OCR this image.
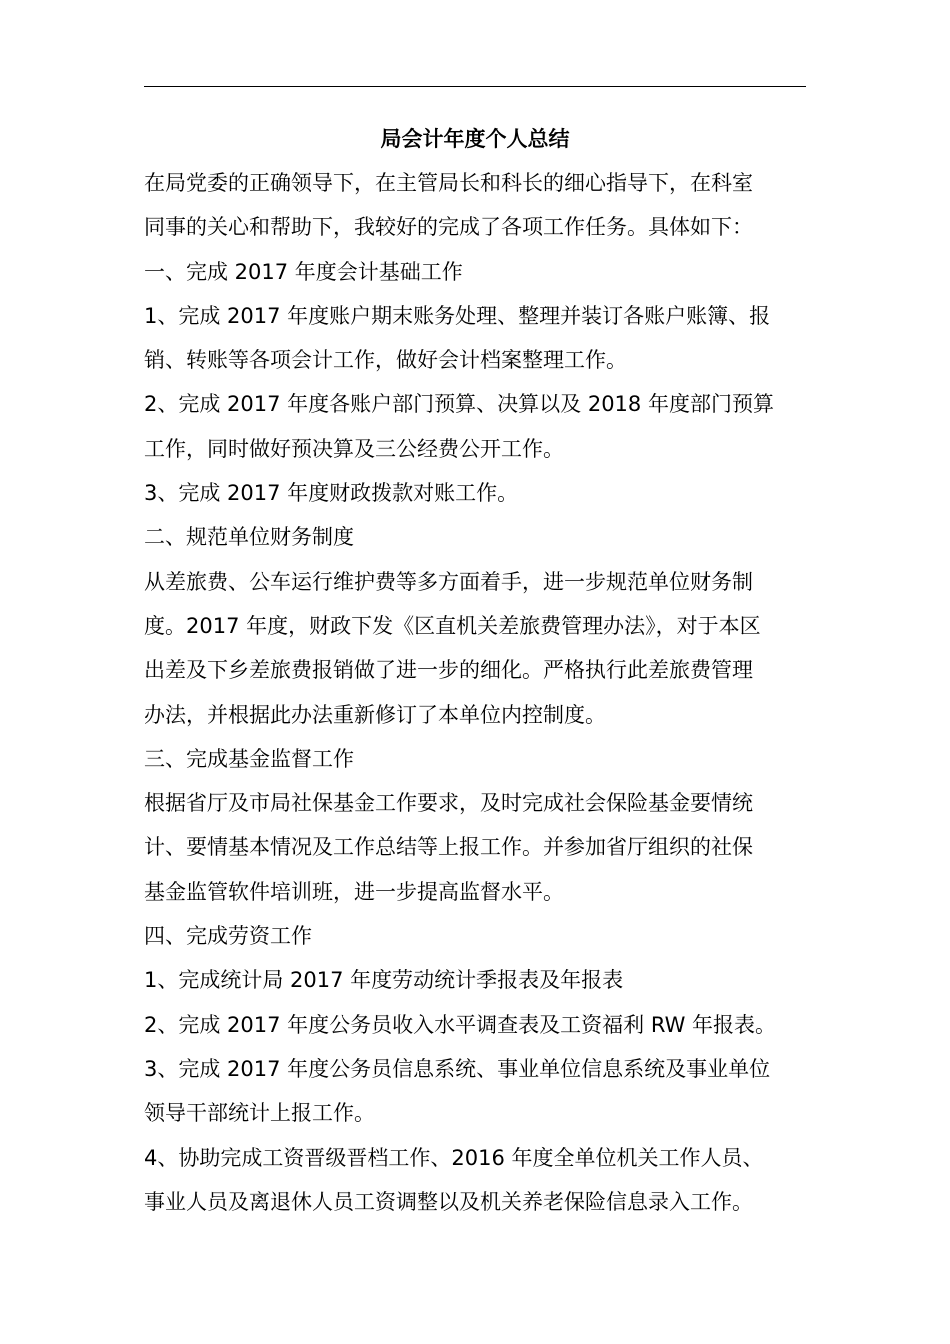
局会计年度个人总结

在局党委的正确领导下，在主管局长和科长的细心指导下，在科室

同事的关心和帮助下，我较好的完成了各项工作任务。具体如下：

一、完成 2017 年度会计基础工作

1、完成 2017 年度账户期末账务处理、整理并装订各账户账簿、报

销、转账等各项会计工作，做好会计档案整理工作。

2、完成 2017 年度各账户部门预算、决算以及 2018 年度部门预算

工作，同时做好预决算及三公经费公开工作。

3、完成 2017 年度财政拨款对账工作。

二、规范单位财务制度

从差旅费、公车运行维护费等多方面着手，进一步规范单位财务制

度。2017 年度，财政下发《区直机关差旅费管理办法》，对于本区

出差及下乡差旅费报销做了进一步的细化。严格执行此差旅费管理

办法，并根据此办法重新修订了本单位内控制度。

三、完成基金监督工作

根据省厅及市局社保基金工作要求，及时完成社会保险基金要情统

计、要情基本情况及工作总结等上报工作。并参加省厅组织的社保

基金监管软件培训班，进一步提高监督水平。

四、完成劳资工作

1、完成统计局 2017 年度劳动统计季报表及年报表

2、完成 2017 年度公务员收入水平调查表及工资福利 RW 年报表。

3、完成 2017 年度公务员信息系统、事业单位信息系统及事业单位

领导干部统计上报工作。

4、协助完成工资晋级晋档工作、2016 年度全单位机关工作人员、

事业人员及离退休人员工资调整以及机关养老保险信息录入工作。
